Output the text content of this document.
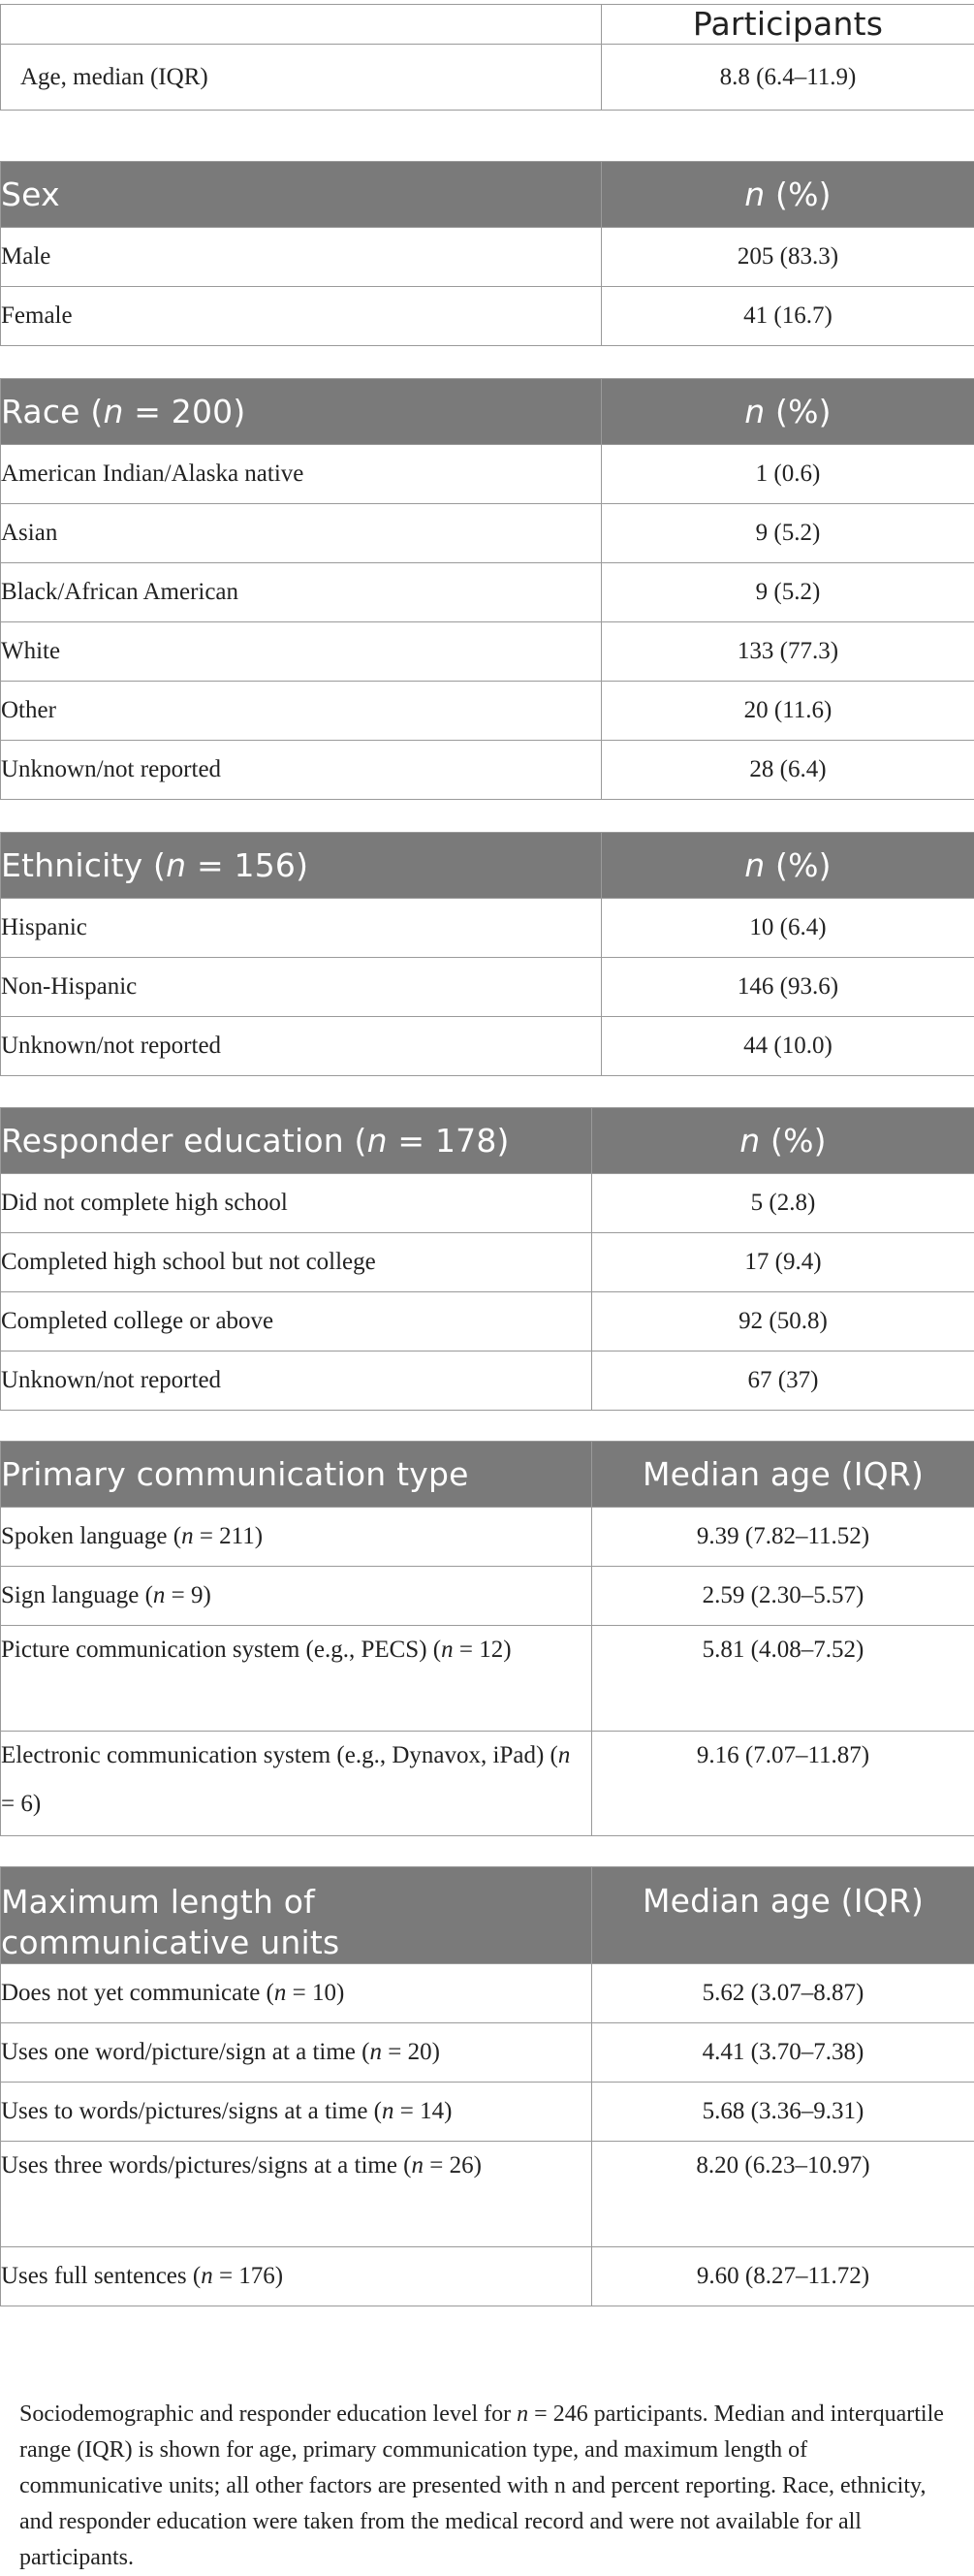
	Participants
Age, median (IQR)	8.8 (6.4–11.9)
Sex	n (%)
Male	205 (83.3)
Female	41 (16.7)
Race (n = 200)	n (%)
American Indian/Alaska native	1 (0.6)
Asian	9 (5.2)
Black/African American	9 (5.2)
White	133 (77.3)
Other	20 (11.6)
Unknown/not reported	28 (6.4)
Ethnicity (n = 156)	n (%)
Hispanic	10 (6.4)
Non-Hispanic	146 (93.6)
Unknown/not reported	44 (10.0)
Responder education (n = 178)	n (%)
Did not complete high school	5 (2.8)
Completed high school but not college	17 (9.4)
Completed college or above	92 (50.8)
Unknown/not reported	67 (37)
Primary communication type	Median age (IQR)
Spoken language (n = 211)	9.39 (7.82–11.52)
Sign language (n = 9)	2.59 (2.30–5.57)
Picture communication system (e.g., PECS) (n = 12)	5.81 (4.08–7.52)
Electronic communication system (e.g., Dynavox, iPad) (n = 6)	9.16 (7.07–11.87)
Maximum length of communicative units	Median age (IQR)
Does not yet communicate (n = 10)	5.62 (3.07–8.87)
Uses one word/picture/sign at a time (n = 20)	4.41 (3.70–7.38)
Uses to words/pictures/signs at a time (n = 14)	5.68 (3.36–9.31)
Uses three words/pictures/signs at a time (n = 26)	8.20 (6.23–10.97)
Uses full sentences (n = 176)	9.60 (8.27–11.72)
Sociodemographic and responder education level for n = 246 participants. Median and interquartile range (IQR) is shown for age, primary communication type, and maximum length of communicative units; all other factors are presented with n and percent reporting. Race, ethnicity, and responder education were taken from the medical record and were not available for all participants.
